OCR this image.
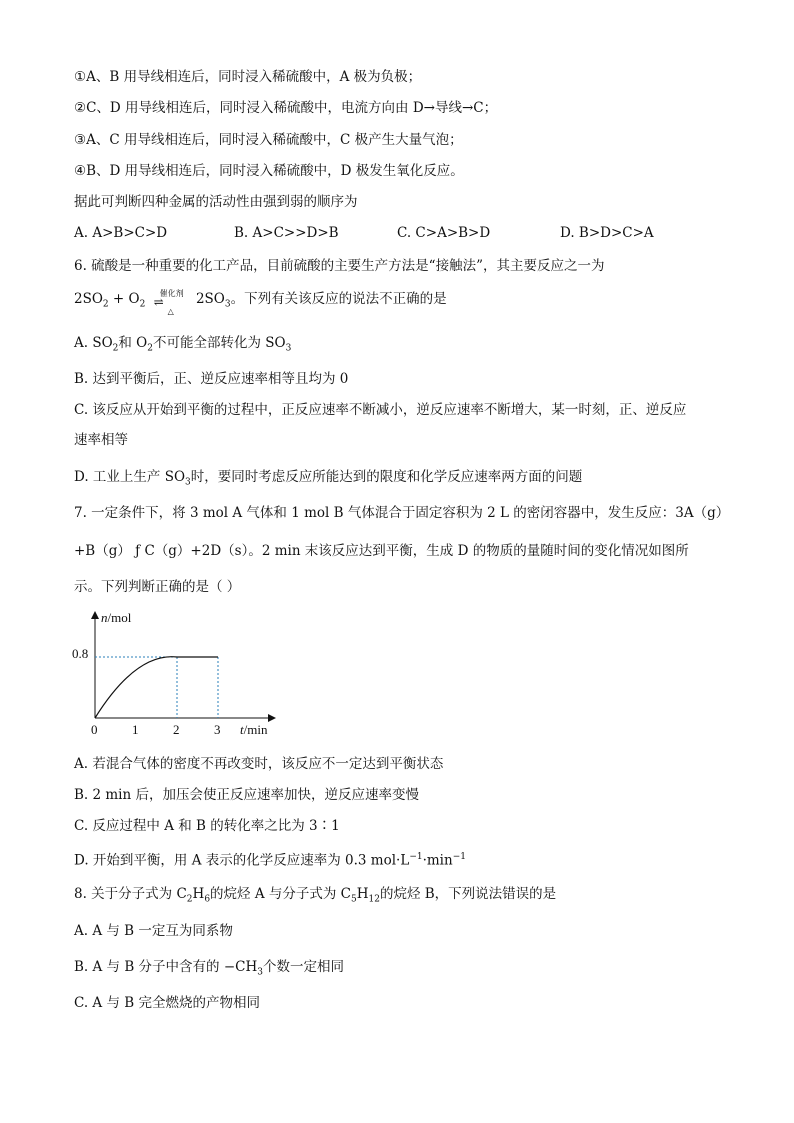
①A、B 用导线相连后，同时浸入稀硫酸中，A 极为负极；
②C、D 用导线相连后，同时浸入稀硫酸中，电流方向由 D→导线→C；
③A、C 用导线相连后，同时浸入稀硫酸中，C 极产生大量气泡；
④B、D 用导线相连后，同时浸入稀硫酸中，D 极发生氧化反应。
据此可判断四种金属的活动性由强到弱的顺序为
A. A>B>C>D	B. A>C>>D>B	C. C>A>B>D	D. B>D>C>A
6. 硫酸是一种重要的化工产品，目前硫酸的主要生产方法是“接触法”，其主要反应之一为
$2SO_2 + O_2$
催化剂
⇌
△
$2SO_3$。下列有关该反应的说法不正确的是
A. $SO_2$和 $O_2$不可能全部转化为 $SO_3$
B. 达到平衡后，正、逆反应速率相等且均为 0
C. 该反应从开始到平衡的过程中，正反应速率不断减小，逆反应速率不断增大，某一时刻，正、逆反应
速率相等
D. 工业上生产 $SO_3$时，要同时考虑反应所能达到的限度和化学反应速率两方面的问题
7. 一定条件下，将 3 mol A 气体和 1 mol B 气体混合于固定容积为 2 L 的密闭容器中，发生反应：3A（g）
+B（g） ƒ C（g）+2D（s）。2 min 末该反应达到平衡，生成 D 的物质的量随时间的变化情况如图所
示。下列判断正确的是（ ）
n/mol
t/min
0.8
0	1	2	3
A. 若混合气体的密度不再改变时，该反应不一定达到平衡状态
B. 2 min 后，加压会使正反应速率加快，逆反应速率变慢
C. 反应过程中 A 和 B 的转化率之比为 3∶1
D. 开始到平衡，用 A 表示的化学反应速率为 0.3 $mol\cdot L^{-1}\cdot\min^{-1}$
8. 关于分子式为 $C_2H_6$的烷烃 A 与分子式为 $C_5H_{12}$的烷烃 B，下列说法错误的是
A. A 与 B 一定互为同系物
B. A 与 B 分子中含有的 $-CH_3$个数一定相同
C. A 与 B 完全燃烧的产物相同
